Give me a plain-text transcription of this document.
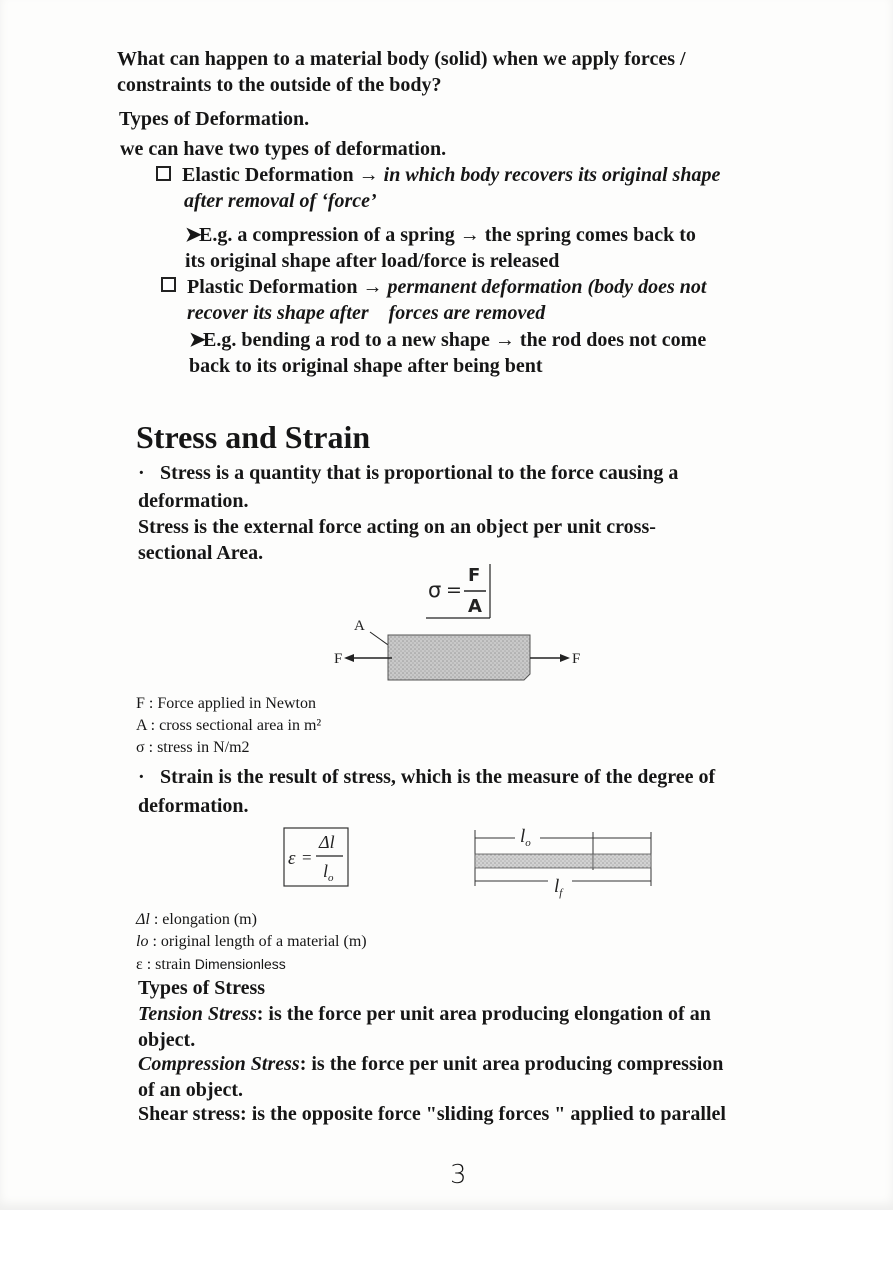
What can happen to a material body (solid) when we apply forces /
constraints to the outside of the body?
Types of Deformation.
we can have two types of deformation.
Elastic Deformation → in which body recovers its original shape
after removal of ‘force’
➤E.g. a compression of a spring → the spring comes back to
its original shape after load/force is released
Plastic Deformation → permanent deformation (body does not
recover its shape after    forces are removed
➤E.g. bending a rod to a new shape → the rod does not come
back to its original shape after being bent
Stress and Strain
· Stress is a quantity that is proportional to the force causing a
deformation.
Stress is the external force acting on an object per unit cross-
sectional Area.
σ =
F
A
A
F	F
F : Force applied in Newton
A : cross sectional area in m²
σ : stress in N/m2
· Strain is the result of stress, which is the measure of the degree of
deformation.
ε =
Δl
$l_o$
$l_o$
$l_f$
Δl : elongation (m)
lo : original length of a material (m)
ε : strain Dimensionless
Types of Stress
Tension Stress: is the force per unit area producing elongation of an
object.
Compression Stress: is the force per unit area producing compression
of an object.
Shear stress: is the opposite force "sliding forces " applied to parallel
3
